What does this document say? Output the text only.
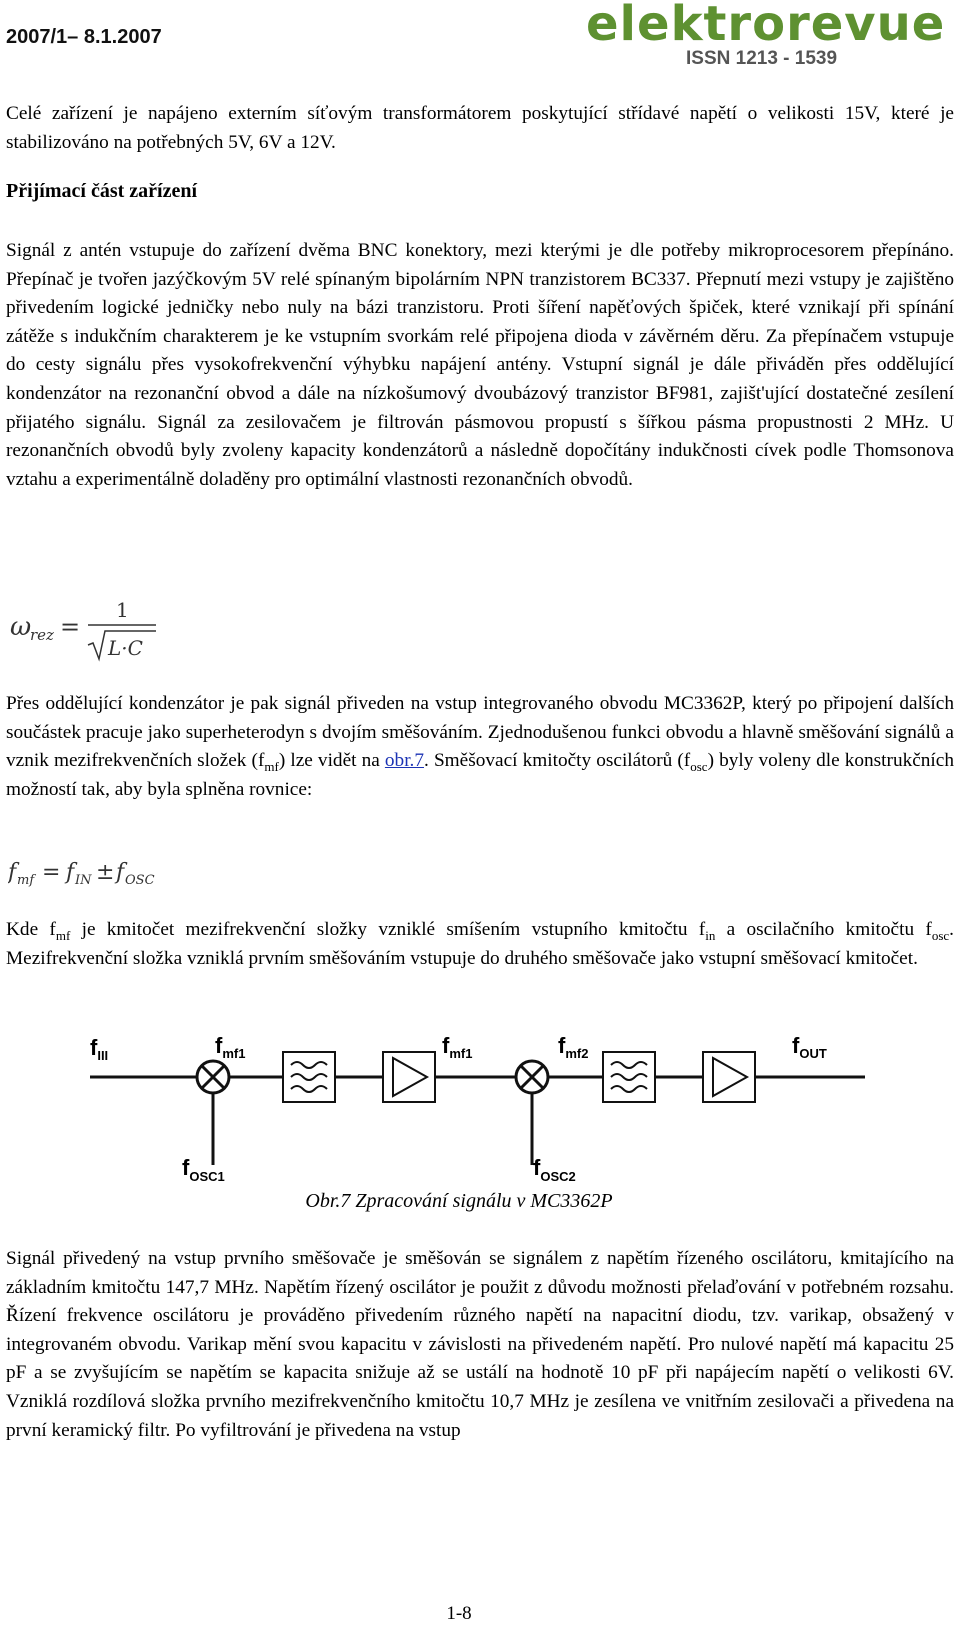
2007/1– 8.1.2007	elektrorevue
ISSN 1213 - 1539

Celé zařízení je napájeno externím síťovým transformátorem poskytující střídavé napětí o velikosti 15V, které je stabilizováno na potřebných 5V, 6V a 12V.

Přijímací část zařízení

Signál z antén vstupuje do zařízení dvěma BNC konektory, mezi kterými je dle potřeby mikroprocesorem přepínáno. Přepínač je tvořen jazýčkovým 5V relé spínaným bipolárním NPN tranzistorem BC337. Přepnutí mezi vstupy je zajištěno přivedením logické jedničky nebo nuly na bázi tranzistoru. Proti šíření napěťových špiček, které vznikají při spínání zátěže s indukčním charakterem je ke vstupním svorkám relé připojena dioda v závěrném děru. Za přepínačem vstupuje do cesty signálu přes vysokofrekvenční výhybku napájení antény. Vstupní signál je dále přiváděn přes oddělující kondenzátor na rezonanční obvod a dále na nízkošumový dvoubázový tranzistor BF981, zajišt'ující dostatečné zesílení přijatého signálu. Signál za zesilovačem je filtrován pásmovou propustí s šířkou pásma propustnosti 2 MHz. U rezonančních obvodů byly zvoleny kapacity kondenzátorů a následně dopočítány indukčnosti cívek podle Thomsonova vztahu a experimentálně doladěny pro optimální vlastnosti rezonančních obvodů.

ω
rez =
1
L·C

Přes oddělující kondenzátor je pak signál přiveden na vstup integrovaného obvodu MC3362P, který po připojení dalších součástek pracuje jako superheterodyn s dvojím směšováním. Zjednodušenou funkci obvodu a hlavně směšování signálů a vznik mezifrekvenčních složek $(f_{mf})$ lze vidět na obr.7. Směšovací kmitočty oscilátorů $(f_{osc})$ byly voleny dle konstrukčních možností tak, aby byla splněna rovnice:

f mf = f IN ± f OSC

Kde $f_{mf}$ je kmitočet mezifrekvenční složky vzniklé smíšením vstupního kmitočtu $f_{in}$ a oscilačního kmitočtu $f_{osc}$. Mezifrekvenční složka vzniklá prvním směšováním vstupuje do druhého směšovače jako vstupní směšovací kmitočet.

$f_{III}$	$f_{mf1}$	$f_{mf1}$	$f_{mf2}$	$f_{OUT}$
$f_{OSC1}$	$f_{OSC2}$
Obr.7 Zpracování signálu v MC3362P

Signál přivedený na vstup prvního směšovače je směšován se signálem z napětím řízeného oscilátoru, kmitajícího na základním kmitočtu 147,7 MHz. Napětím řízený oscilátor je použit z důvodu možnosti přelaďování v potřebném rozsahu. Řízení frekvence oscilátoru je prováděno přivedením různého napětí na napacitní diodu, tzv. varikap, obsažený v integrovaném obvodu. Varikap mění svou kapacitu v závislosti na přivedeném napětí. Pro nulové napětí má kapacitu 25 pF a se zvyšujícím se napětím se kapacita snižuje až se ustálí na hodnotě 10 pF při napájecím napětí o velikosti 6V. Vzniklá rozdílová složka prvního mezifrekvenčního kmitočtu 10,7 MHz je zesílena ve vnitřním zesilovači a přivedena na první keramický filtr. Po vyfiltrování je přivedena na vstup

1-8
